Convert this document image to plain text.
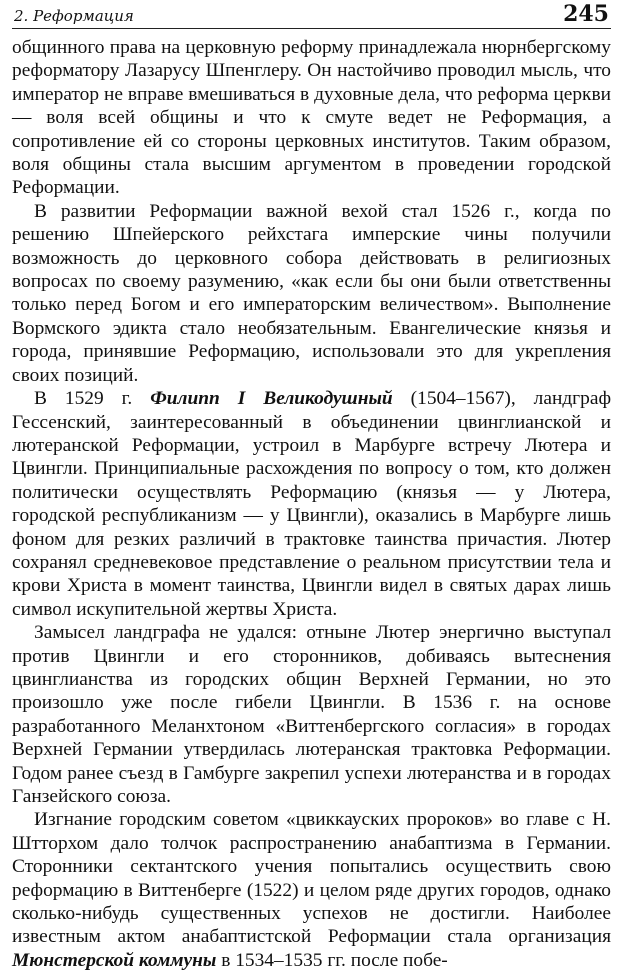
2. Реформация	245

общинного права на церковную реформу принадлежала нюрнбергскому реформатору Лазарусу Шпенглеру. Он настойчиво проводил мысль, что император не вправе вмешиваться в духовные дела, что реформа церкви — воля всей общины и что к смуте ведет не Реформация, а сопротивление ей со стороны церковных институтов. Таким образом, воля общины стала высшим аргументом в проведении городской Реформации.

В развитии Реформации важной вехой стал 1526 г., когда по решению Шпейерского рейхстага имперские чины получили возможность до церковного собора действовать в религиозных вопросах по своему разумению, «как если бы они были ответственны только перед Богом и его императорским величеством». Выполнение Вормского эдикта стало необязательным. Евангелические князья и города, принявшие Реформацию, использовали это для укрепления своих позиций.

В 1529 г. Филипп I Великодушный (1504–1567), ландграф Гессенский, заинтересованный в объединении цвинглианской и лютеранской Реформации, устроил в Марбурге встречу Лютера и Цвингли. Принципиальные расхождения по вопросу о том, кто должен политически осуществлять Реформацию (князья — у Лютера, городской республиканизм — у Цвингли), оказались в Марбурге лишь фоном для резких различий в трактовке таинства причастия. Лютер сохранял средневековое представление о реальном присутствии тела и крови Христа в момент таинства, Цвингли видел в святых дарах лишь символ искупительной жертвы Христа.

Замысел ландграфа не удался: отныне Лютер энергично выступал против Цвингли и его сторонников, добиваясь вытеснения цвинглианства из городских общин Верхней Германии, но это произошло уже после гибели Цвингли. В 1536 г. на основе разработанного Меланхтоном «Виттенбергского согласия» в городах Верхней Германии утвердилась лютеранская трактовка Реформации. Годом ранее съезд в Гамбурге закрепил успехи лютеранства и в городах Ганзейского союза.

Изгнание городским советом «цвиккауских пророков» во главе с Н. Штторхом дало толчок распространению анабаптизма в Германии. Сторонники сектантского учения попытались осуществить свою реформацию в Виттенберге (1522) и целом ряде других городов, однако сколько-нибудь существенных успехов не достигли. Наиболее известным актом анабаптистской Реформации стала организация Мюнстерской коммуны в 1534–1535 гг. после побе-
